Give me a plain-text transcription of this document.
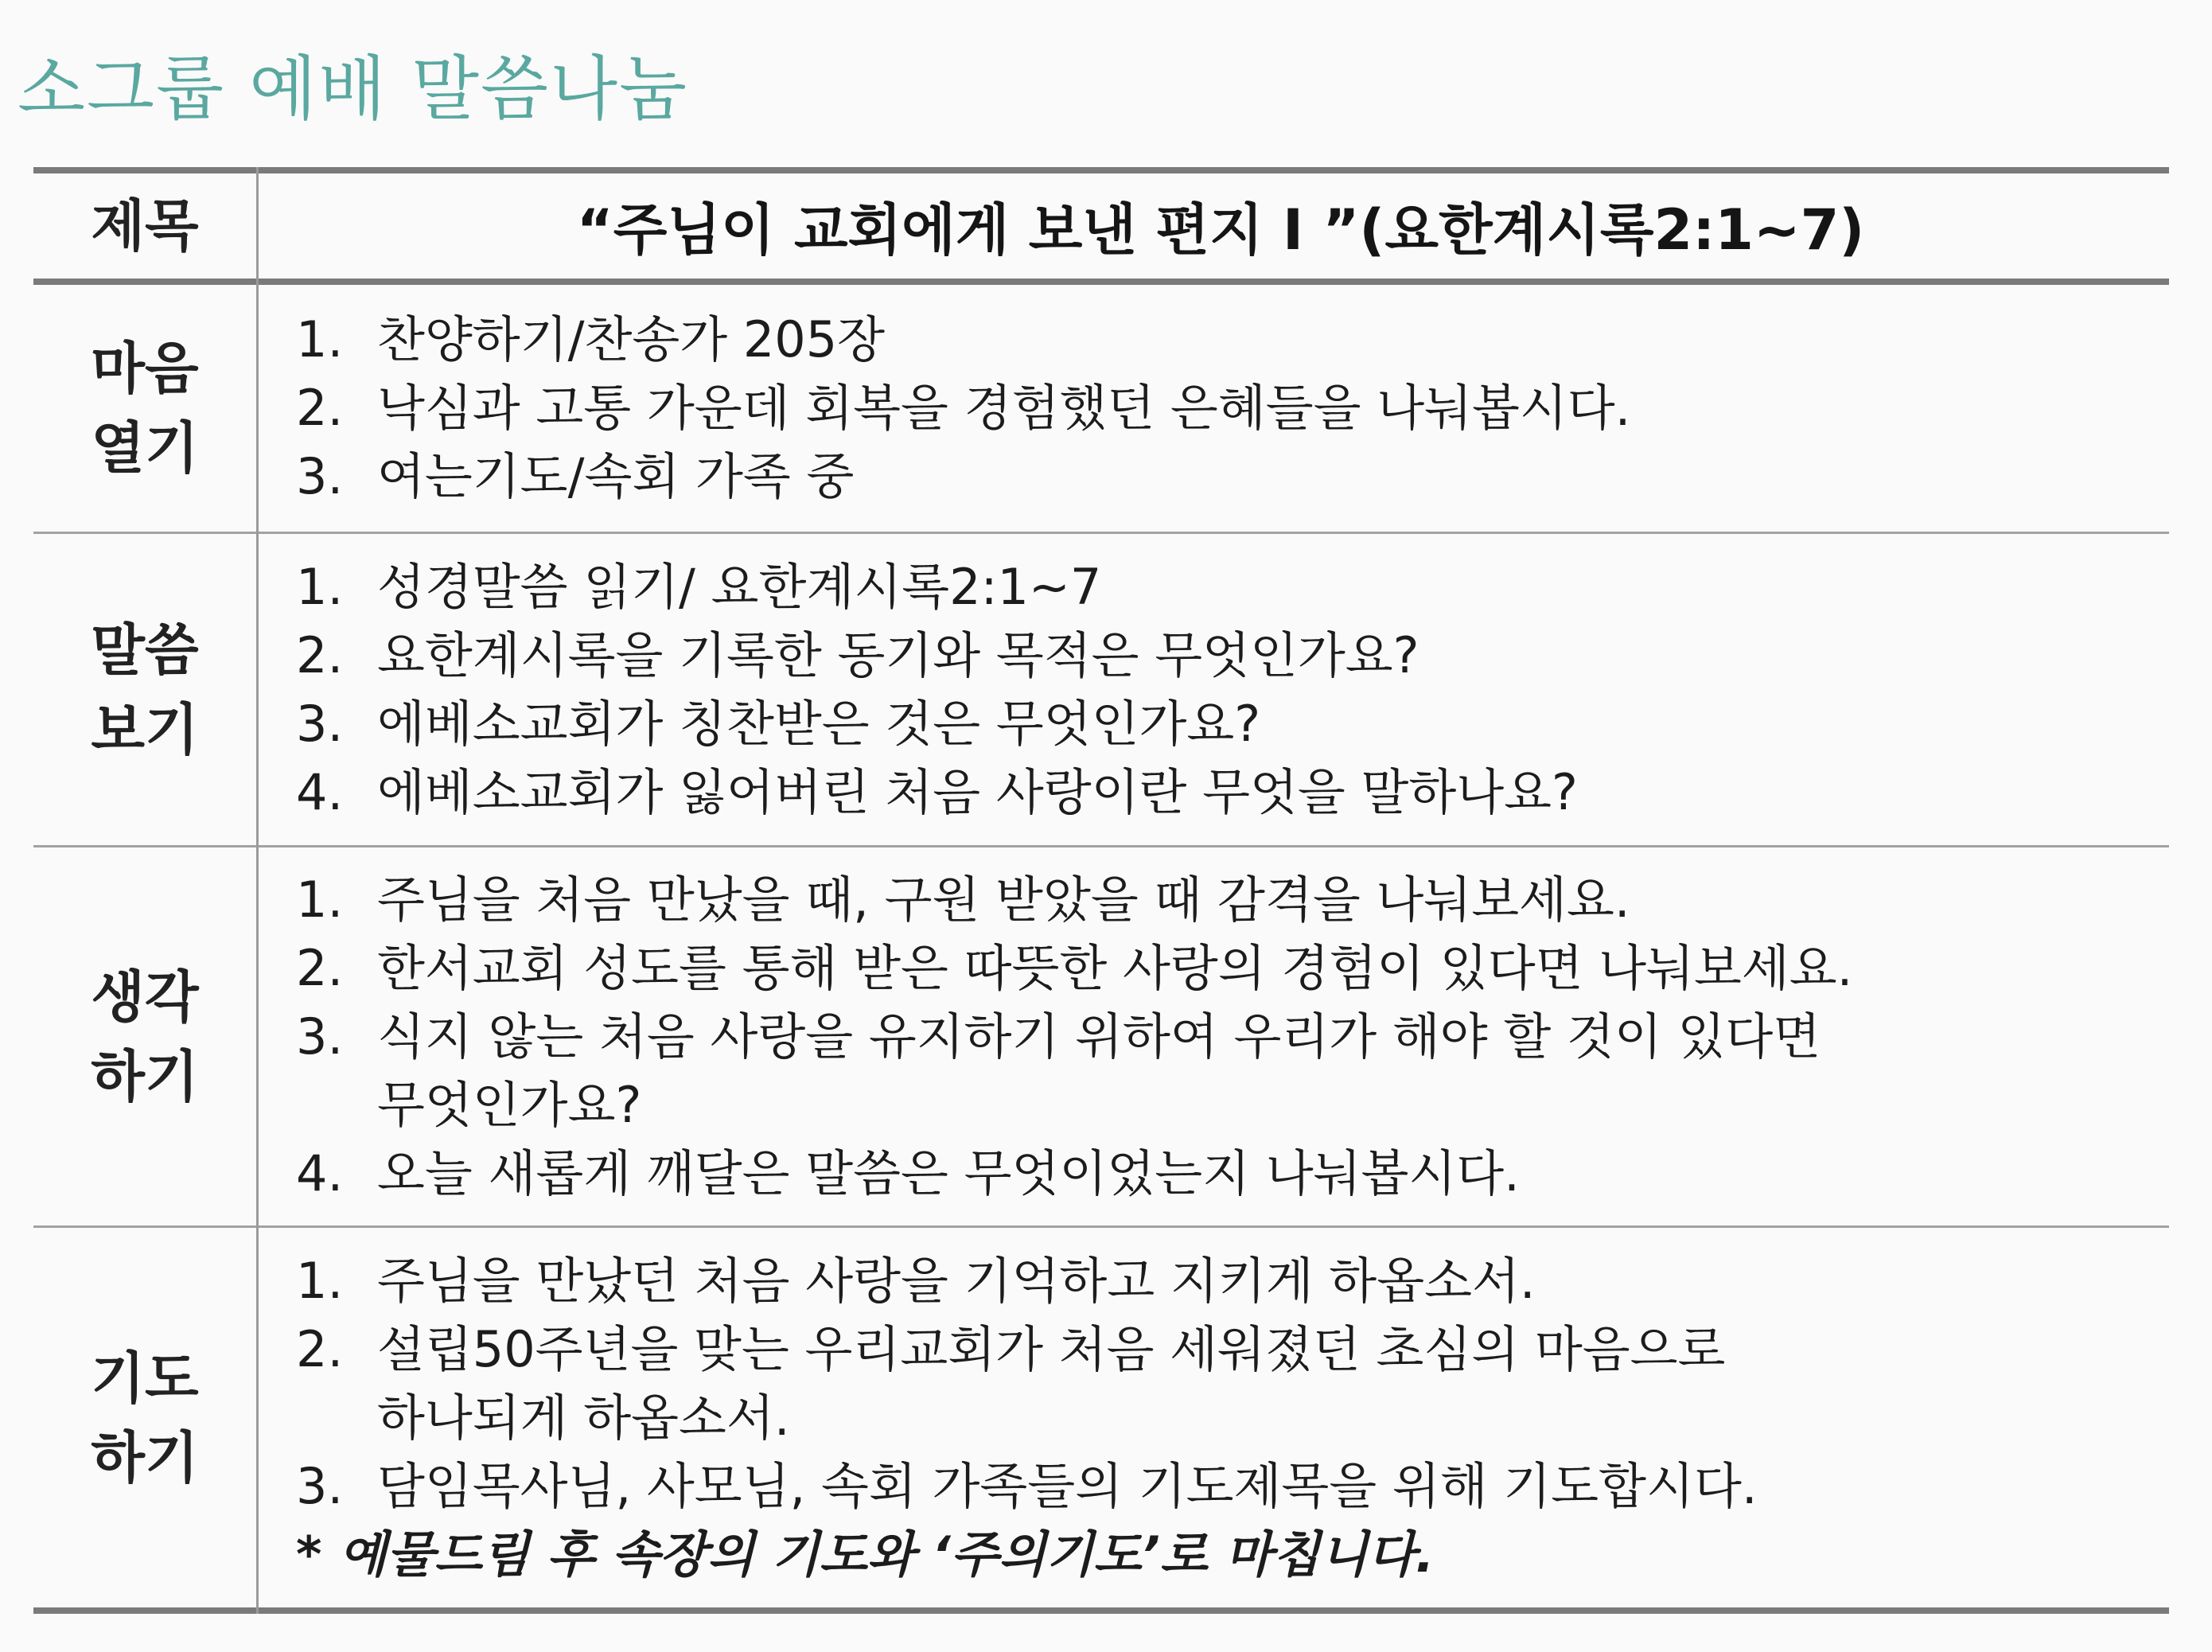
소그룹 예배 말씀나눔
제목	“주님이 교회에게 보낸 편지 I ”(요한계시록2:1~7)
마음
열기
1. 찬양하기/찬송가 205장
2. 낙심과 고통 가운데 회복을 경험했던 은혜들을 나눠봅시다.
3. 여는기도/속회 가족 중
말씀
보기
1. 성경말씀 읽기/ 요한계시록2:1~7
2. 요한계시록을 기록한 동기와 목적은 무엇인가요?
3. 에베소교회가 칭찬받은 것은 무엇인가요?
4. 에베소교회가 잃어버린 처음 사랑이란 무엇을 말하나요?
생각
하기
1. 주님을 처음 만났을 때, 구원 받았을 때 감격을 나눠보세요.
2. 한서교회 성도를 통해 받은 따뜻한 사랑의 경험이 있다면 나눠보세요.
3. 식지 않는 처음 사랑을 유지하기 위하여 우리가 해야 할 것이 있다면
무엇인가요?
4. 오늘 새롭게 깨달은 말씀은 무엇이었는지 나눠봅시다.
기도
하기
1. 주님을 만났던 처음 사랑을 기억하고 지키게 하옵소서.
2. 설립50주년을 맞는 우리교회가 처음 세워졌던 초심의 마음으로
하나되게 하옵소서.
3. 담임목사님, 사모님, 속회 가족들의 기도제목을 위해 기도합시다.
* 예물드림 후 속장의 기도와 ‘주의기도’로 마칩니다.
